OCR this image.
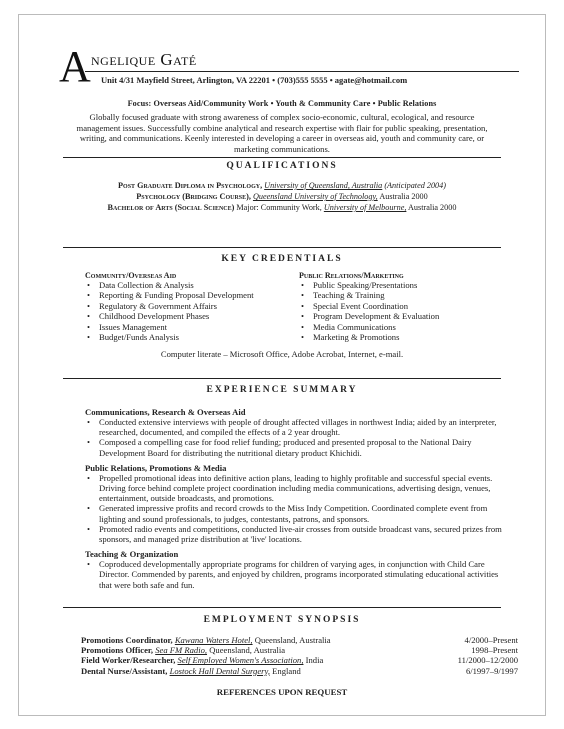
A ngelique Gaté
Unit 4/31 Mayfield Street, Arlington, VA 22201 • (703)555 5555 • agate@hotmail.com
Focus: Overseas Aid/Community Work • Youth & Community Care • Public Relations
Globally focused graduate with strong awareness of complex socio-economic, cultural, ecological, and resource management issues. Successfully combine analytical and research expertise with flair for public speaking, presentation, writing, and communications. Keenly interested in developing a career in overseas aid, youth and community care, or marketing communications.
QUALIFICATIONS
Post Graduate Diploma in Psychology, University of Queensland, Australia (Anticipated 2004)
Psychology (Bridging Course), Queensland University of Technology, Australia 2000
Bachelor of Arts (Social Science) Major: Community Work, University of Melbourne, Australia 2000
KEY CREDENTIALS
Community/Overseas Aid
• Data Collection & Analysis
• Reporting & Funding Proposal Development
• Regulatory & Government Affairs
• Childhood Development Phases
• Issues Management
• Budget/Funds Analysis
Public Relations/Marketing
• Public Speaking/Presentations
• Teaching & Training
• Special Event Coordination
• Program Development & Evaluation
• Media Communications
• Marketing & Promotions
Computer literate – Microsoft Office, Adobe Acrobat, Internet, e-mail.
EXPERIENCE SUMMARY
Communications, Research & Overseas Aid
• Conducted extensive interviews with people of drought affected villages in northwest India; aided by an interpreter, researched, documented, and compiled the effects of a 2 year drought.
• Composed a compelling case for food relief funding; produced and presented proposal to the National Dairy Development Board for distributing the nutritional dietary product Khichidi.
Public Relations, Promotions & Media
• Propelled promotional ideas into definitive action plans, leading to highly profitable and successful special events. Driving force behind complete project coordination including media communications, advertising design, venues, entertainment, outside broadcasts, and promotions.
• Generated impressive profits and record crowds to the Miss Indy Competition. Coordinated complete event from lighting and sound professionals, to judges, contestants, patrons, and sponsors.
• Promoted radio events and competitions, conducted live-air crosses from outside broadcast vans, secured prizes from sponsors, and managed prize distribution at 'live' locations.
Teaching & Organization
• Coproduced developmentally appropriate programs for children of varying ages, in conjunction with Child Care Director. Commended by parents, and enjoyed by children, programs incorporated stimulating educational activities that were both safe and fun.
EMPLOYMENT SYNOPSIS
Promotions Coordinator, Kawana Waters Hotel, Queensland, Australia
Promotions Officer, Sea FM Radio, Queensland, Australia
Field Worker/Researcher, Self Employed Women's Association, India
Dental Nurse/Assistant, Lostock Hall Dental Surgery, England
4/2000–Present
1998–Present
11/2000–12/2000
6/1997–9/1997
REFERENCES UPON REQUEST
